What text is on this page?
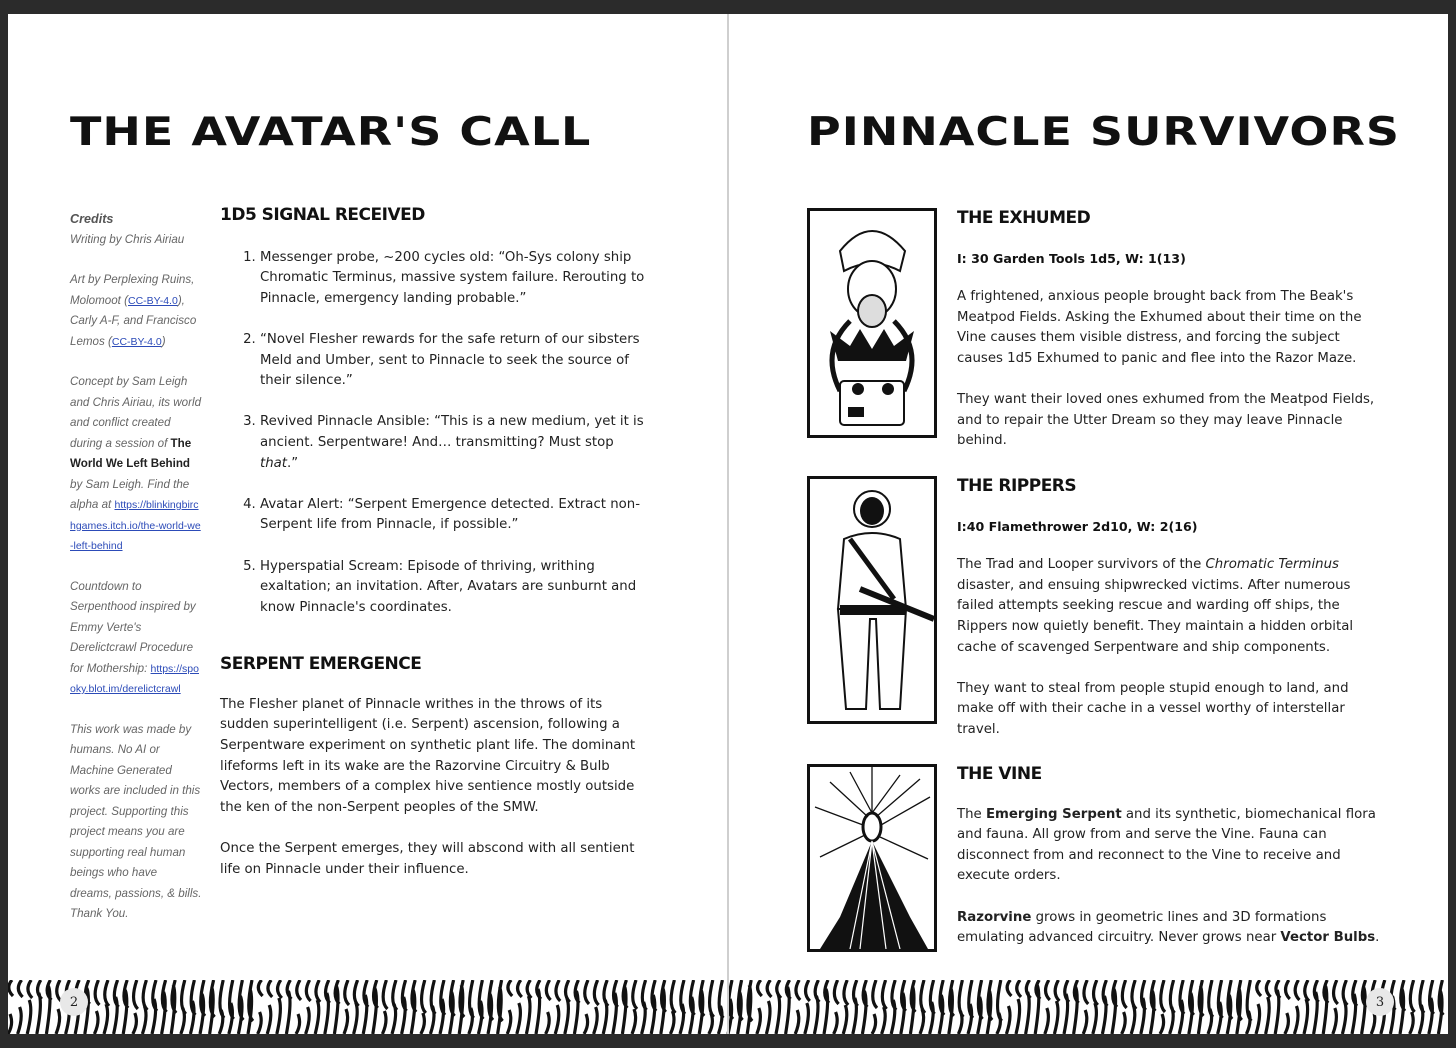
THE AVATAR'S CALL
Credits

Writing by Chris Airiau

Art by Perplexing Ruins, Molomoot (CC-BY-4.0), Carly A-F, and Francisco Lemos (CC-BY-4.0)

Concept by Sam Leigh and Chris Airiau, its world and conflict created during a session of The World We Left Behind by Sam Leigh. Find the alpha at https://blinkingbirchgames.itch.io/the-world-we-left-behind

Countdown to Serpenthood inspired by Emmy Verte's Derelictcrawl Procedure for Mothership: https://spooky.blot.im/derelictcrawl

This work was made by humans. No AI or Machine Generated works are included in this project. Supporting this project means you are supporting real human beings who have dreams, passions, & bills. Thank You.

1D5 SIGNAL RECEIVED
1. Messenger probe, ~200 cycles old: “Oh-Sys colony ship Chromatic Terminus, massive system failure. Rerouting to Pinnacle, emergency landing probable.”
2. “Novel Flesher rewards for the safe return of our sibsters Meld and Umber, sent to Pinnacle to seek the source of their silence.”
3. Revived Pinnacle Ansible: “This is a new medium, yet it is ancient. Serpentware! And… transmitting? Must stop that.”
4. Avatar Alert: “Serpent Emergence detected. Extract non-Serpent life from Pinnacle, if possible.”
5. Hyperspatial Scream: Episode of thriving, writhing exaltation; an invitation. After, Avatars are sunburnt and know Pinnacle's coordinates.
SERPENT EMERGENCE

The Flesher planet of Pinnacle writhes in the throws of its sudden superintelligent (i.e. Serpent) ascension, following a Serpentware experiment on synthetic plant life. The dominant lifeforms left in its wake are the Razorvine Circuitry & Bulb Vectors, members of a complex hive sentience mostly outside the ken of the non-Serpent peoples of the SMW.

Once the Serpent emerges, they will abscond with all sentient life on Pinnacle under their influence.

PINNACLE SURVIVORS
THE EXHUMED
I: 30 Garden Tools 1d5, W: 1(13)

A frightened, anxious people brought back from The Beak's Meatpod Fields. Asking the Exhumed about their time on the Vine causes them visible distress, and forcing the subject causes 1d5 Exhumed to panic and flee into the Razor Maze.

They want their loved ones exhumed from the Meatpod Fields, and to repair the Utter Dream so they may leave Pinnacle behind.

THE RIPPERS
I:40 Flamethrower 2d10, W: 2(16)

The Trad and Looper survivors of the Chromatic Terminus disaster, and ensuing shipwrecked victims. After numerous failed attempts seeking rescue and warding off ships, the Rippers now quietly benefit. They maintain a hidden orbital cache of scavenged Serpentware and ship components.

They want to steal from people stupid enough to land, and make off with their cache in a vessel worthy of interstellar travel.

THE VINE

The Emerging Serpent and its synthetic, biomechanical flora and fauna. All grow from and serve the Vine. Fauna can disconnect from and reconnect to the Vine to receive and execute orders.

Razorvine grows in geometric lines and 3D formations emulating advanced circuitry. Never grows near Vector Bulbs.

2	3
